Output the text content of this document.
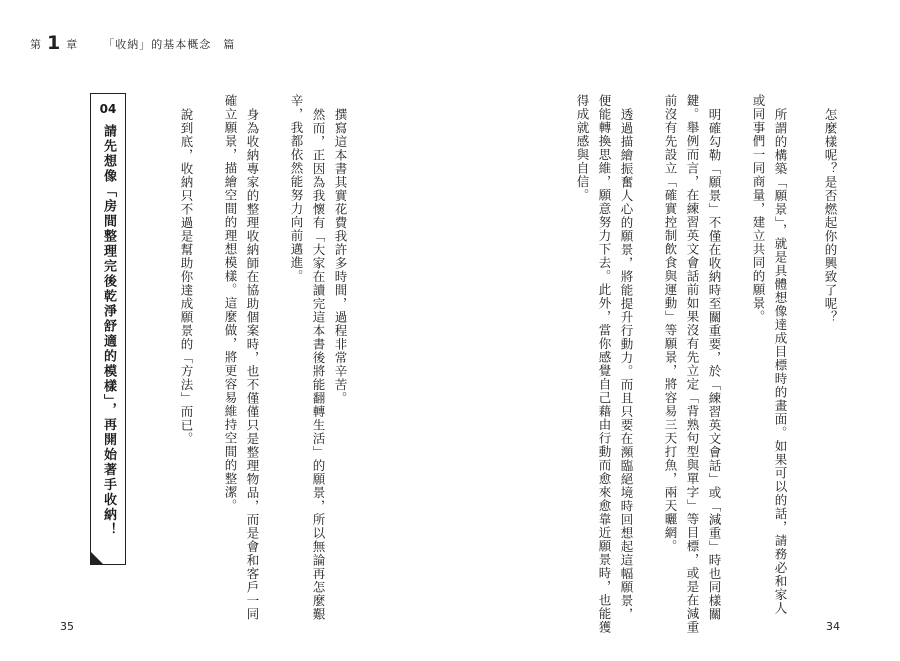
第 1 章 「收納」的基本概念　篇
怎麼樣呢？是否燃起你的興致了呢？
所謂的構築「願景」，就是具體想像達成目標時的畫面。如果可以的話，請務必和家人
或同事們一同商量，建立共同的願景。
明確勾勒「願景」不僅在收納時至關重要，於「練習英文會話」或「減重」時也同樣關
鍵。舉例而言，在練習英文會話前如果沒有先立定「背熟句型與單字」等目標，或是在減重
前沒有先設立「確實控制飲食與運動」等願景，將容易三天打魚，兩天曬網。
透過描繪振奮人心的願景，將能提升行動力。而且只要在瀕臨絕境時回想起這幅願景，
便能轉換思維，願意努力下去。此外，當你感覺自己藉由行動而愈來愈靠近願景時，也能獲
得成就感與自信。
撰寫這本書其實花費我許多時間，過程非常辛苦。
然而，正因為我懷有「大家在讀完這本書後將能翻轉生活」的願景，所以無論再怎麼艱
辛，我都依然能努力向前邁進。
身為收納專家的整理收納師在協助個案時，也不僅僅只是整理物品，而是會和客戶一同
確立願景，描繪空間的理想模樣。這麼做，將更容易維持空間的整潔。
說到底，收納只不過是幫助你達成願景的「方法」而已。
04
請先想像「房間整理完後乾淨舒適的模樣」，再開始著手收納！
35	34
